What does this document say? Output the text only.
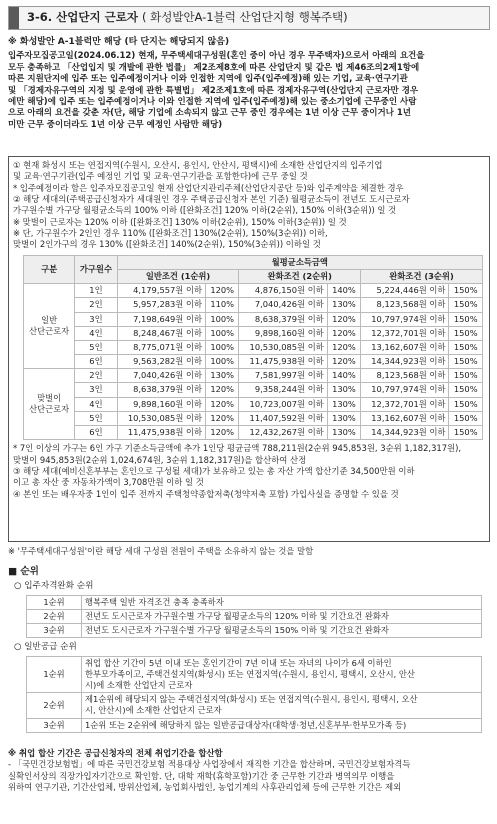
3-6. 산업단지 근로자 ( 화성발안A-1블럭 산업단지형 행복주택)
※ 화성발안 A-1블럭만 해당 (타 단지는 해당되지 않음)
입주자모집공고일(2024.06.12) 현재, 무주택세대구성원(혼인 중이 아닌 경우 무주택자)으로서 아래의 요건을
모두 충족하고 「산업입지 및 개발에 관한 법률」 제2조제8호에 따른 산업단지 및 같은 법 제46조의2제1항에
따른 지원단지에 입주 또는 입주예정이거나 이와 인접한 지역에 입주(입주예정)해 있는 기업, 교육·연구기관
및 「경제자유구역의 지정 및 운영에 관한 특별법」 제2조제1호에 따른 경제자유구역(산업단지 근로자만 경우
에만 해당)에 입주 또는 입주예정이거나 이와 인접한 지역에 입주(입주예정)해 있는 중소기업에 근무중인 사람
으로 아래의 요건을 갖춘 자(단, 해당 기업에 소속되지 않고 근무 중인 경우에는 1년 이상 근무 중이거나 1년
미만 근무 중이더라도 1년 이상 근무 예정인 사람만 해당)
① 현재 화성시 또는 연접지역(수원시, 오산시, 용인시, 안산시, 평택시)에 소재한 산업단지의 입주기업
및 교육·연구기관(입주 예정인 기업 및 교육·연구기관을 포함한다)에 근무 중일 것
* 입주예정이라 함은 입주자모집공고일 현재 산업단지관리주체(산업단지공단 등)와 입주계약을 체결한 경우
② 해당 세대의(주택공급신청자가 세대원인 경우 주택공급신청자 본인 기준) 월평균소득이 전년도 도시근로자
가구원수별 가구당 월평균소득의 100% 이하 ([완화조건] 120% 이하(2순위), 150% 이하(3순위)) 일 것
※ 맞벌이 근로자는 120% 이하 ([완화조건] 130% 이하(2순위), 150% 이하(3순위)) 일 것
※ 단, 가구원수가 2인인 경우 110% ([완화조건] 130%(2순위), 150%(3순위)) 이하,
맞벌이 2인가구의 경우 130% ([완화조건] 140%(2순위), 150%(3순위)) 이하일 것
구분	가구원수	월평균소득금액					
		일반조건 (1순위)		완화조건 (2순위)		완화조건 (3순위)	
일반
산단근로자	1인	4,179,557원 이하	120%	4,876,150원 이하	140%	5,224,446원 이하	150%
	2인	5,957,283원 이하	110%	7,040,426원 이하	130%	8,123,568원 이하	150%
	3인	7,198,649원 이하	100%	8,638,379원 이하	120%	10,797,974원 이하	150%
	4인	8,248,467원 이하	100%	9,898,160원 이하	120%	12,372,701원 이하	150%
	5인	8,775,071원 이하	100%	10,530,085원 이하	120%	13,162,607원 이하	150%
	6인	9,563,282원 이하	100%	11,475,938원 이하	120%	14,344,923원 이하	150%
맞벌이
산단근로자	2인	7,040,426원 이하	130%	7,581,997원 이하	140%	8,123,568원 이하	150%
	3인	8,638,379원 이하	120%	9,358,244원 이하	130%	10,797,974원 이하	150%
	4인	9,898,160원 이하	120%	10,723,007원 이하	130%	12,372,701원 이하	150%
	5인	10,530,085원 이하	120%	11,407,592원 이하	130%	13,162,607원 이하	150%
	6인	11,475,938원 이하	120%	12,432,267원 이하	130%	14,344,923원 이하	150%
* 7인 이상의 가구는 6인 가구 기준소득금액에 추가 1인당 평균금액 788,211원(2순위 945,853원, 3순위 1,182,317원),
맞벌이 945,853원(2순위 1,024,674원, 3순위 1,182,317원)을 합산하여 산정
③ 해당 세대(예비신혼부부는 혼인으로 구성될 세대)가 보유하고 있는 총 자산 가액 합산기준 34,500만원 이하
이고 총 자산 중 자동차가액이 3,708만원 이하 일 것
④ 본인 또는 배우자중 1인이 입주 전까지 주택청약종합저축(청약저축 포함) 가입사실을 증명할 수 있을 것
※ '무주택세대구성원'이란 해당 세대 구성원 전원이 주택을 소유하지 않는 것을 말함
■ 순위
○ 입주자격완화 순위
1순위	행복주택 일반 자격조건 충족 충족하자
2순위	전년도 도시근로자 가구원수별 가구당 월평균소득의 120% 이하 및 기간요건 완화자
3순위	전년도 도시근로자 가구원수별 가구당 월평균소득의 150% 이하 및 기간요건 완화자
○ 일반공급 순위
1순위	취업 합산 기간이 5년 이내 또는 혼인기간이 7년 이내 또는 자녀의 나이가 6세 이하인
한부모가족이고, 주택건설지역(화성시) 또는 연접지역(수원시, 용인시, 평택시, 오산시, 안산
시)에 소재한 산업단지 근로자
2순위	제1순위에 해당되지 않는 주택건설지역(화성시) 또는 연접지역(수원시, 용인시, 평택시, 오산
시, 안산시)에 소재한 산업단지 근로자
3순위	1순위 또는 2순위에 해당하지 않는 일반공급대상자(대학생·청년,신혼부부·한부모가족 등)
※ 취업 합산 기간은 공급신청자의 전체 취업기간을 합산함
- 「국민건강보험법」에 따른 국민건강보험 적용대상 사업장에서 재직한 기간을 합산하며, 국민건강보험자격득
실확인서상의 직장가입자기간으로 확인함. 단, 대학 재학(휴학포함)기간 중 근무한 기간과 병역의무 이행을
위하여 연구기관, 기간산업체, 방위산업체, 농업회사법인, 농업기계의 사후관리업체 등에 근무한 기간은 제외
